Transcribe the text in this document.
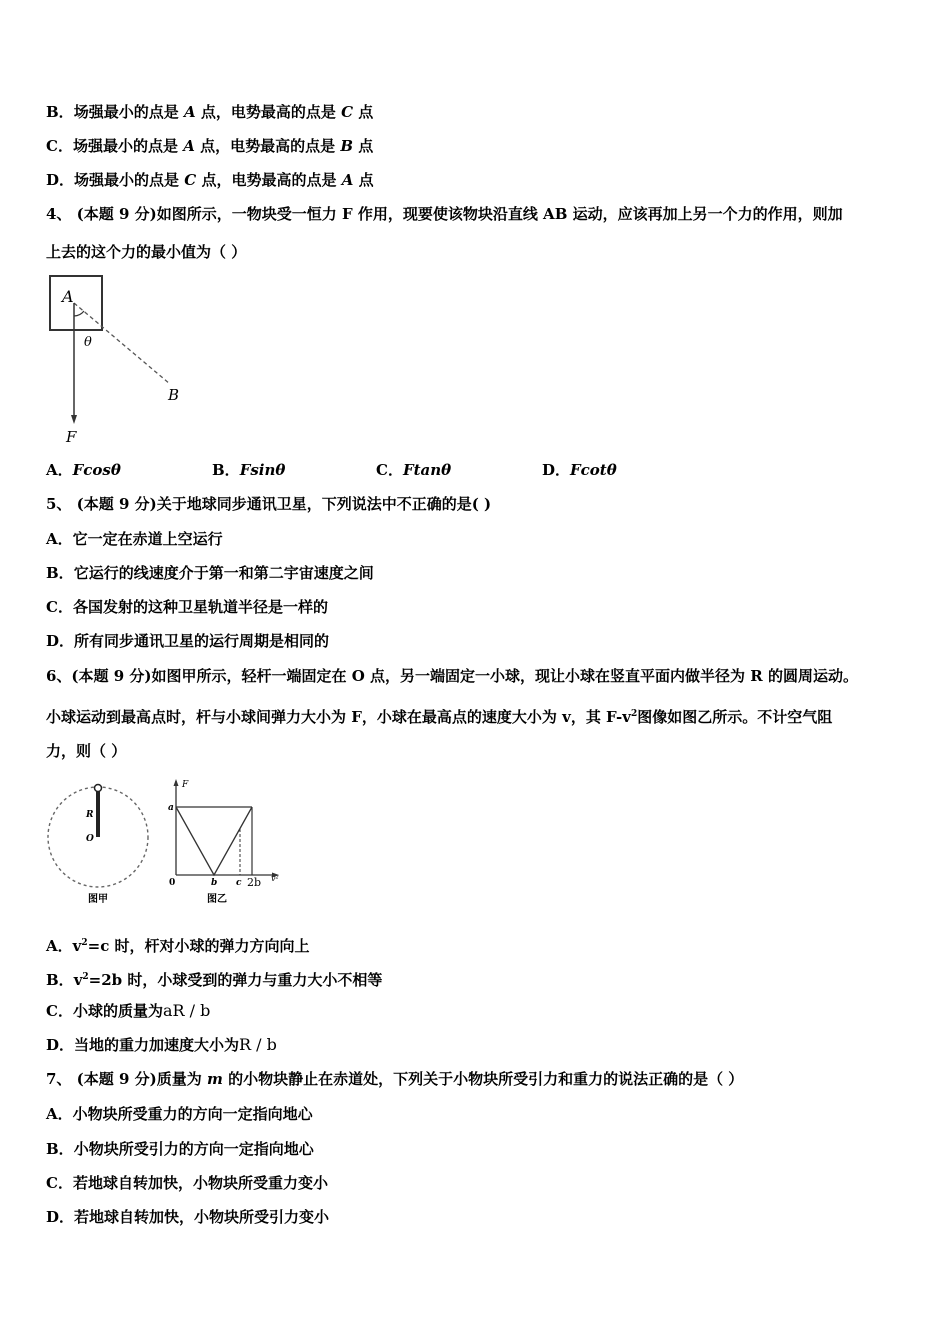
B．场强最小的点是 A 点，电势最高的点是 C 点
C．场强最小的点是 A 点，电势最高的点是 B 点
D．场强最小的点是 C 点，电势最高的点是 A 点
4、 (本题 9 分)如图所示，一物块受一恒力 F 作用，现要使该物块沿直线 AB 运动，应该再加上另一个力的作用，则加
上去的这个力的最小值为（ ）
A
θ
B
F
A．Fcosθ	B．Fsinθ	C．Ftanθ	D．Fcotθ
5、 (本题 9 分)关于地球同步通讯卫星，下列说法中不正确的是( )
A．它一定在赤道上空运行
B．它运行的线速度介于第一和第二宇宙速度之间
C．各国发射的这种卫星轨道半径是一样的
D．所有同步通讯卫星的运行周期是相同的
6、(本题 9 分)如图甲所示，轻杆一端固定在 O 点，另一端固定一小球，现让小球在竖直平面内做半径为 R 的圆周运动。
小球运动到最高点时，杆与小球间弹力大小为 F，小球在最高点的速度大小为 v，其 $F-v^2$图像如图乙所示。不计空气阻
力，则（ ）
R
O
图甲
F
a
0	b c 2b v²
图乙
A．$v^2=c$ 时，杆对小球的弹力方向向上
B．$v^2=2b$ 时，小球受到的弹力与重力大小不相等
C．小球的质量为aR / b
D．当地的重力加速度大小为R / b
7、 (本题 9 分)质量为 m 的小物块静止在赤道处，下列关于小物块所受引力和重力的说法正确的是（ ）
A．小物块所受重力的方向一定指向地心
B．小物块所受引力的方向一定指向地心
C．若地球自转加快，小物块所受重力变小
D．若地球自转加快，小物块所受引力变小
